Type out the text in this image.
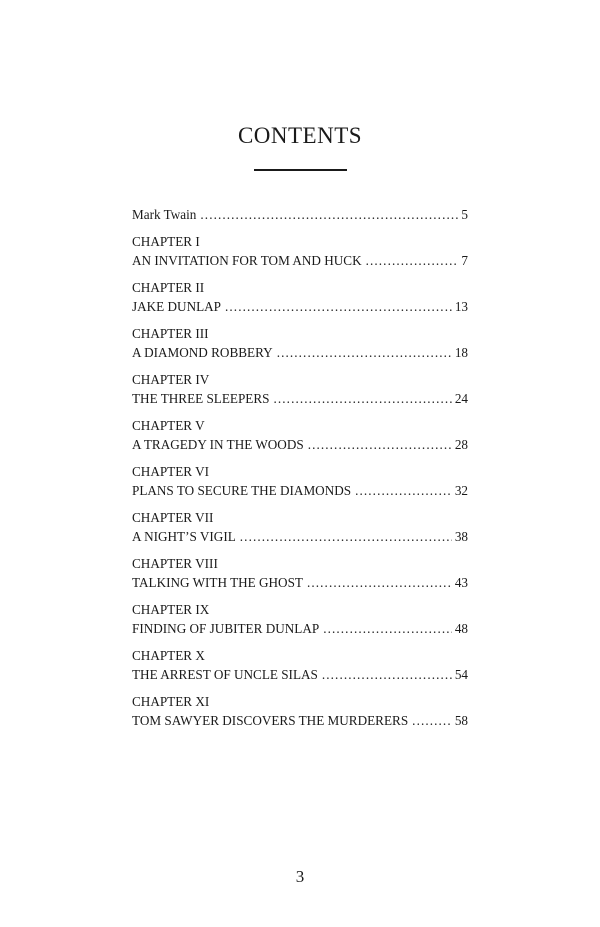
CONTENTS
Mark Twain . . .	5
CHAPTER I
AN INVITATION FOR TOM AND HUCK . . .	7
CHAPTER II
JAKE DUNLAP . . .	13
CHAPTER III
A DIAMOND ROBBERY . . .	18
CHAPTER IV
THE THREE SLEEPERS . . .	24
CHAPTER V
A TRAGEDY IN THE WOODS . . .	28
CHAPTER VI
PLANS TO SECURE THE DIAMONDS . . .	32
CHAPTER VII
A NIGHT’S VIGIL . . .	38
CHAPTER VIII
TALKING WITH THE GHOST . . .	43
CHAPTER IX
FINDING OF JUBITER DUNLAP . . .	48
CHAPTER X
THE ARREST OF UNCLE SILAS . . .	54
CHAPTER XI
TOM SAWYER DISCOVERS THE MURDERERS . . .	58
3
